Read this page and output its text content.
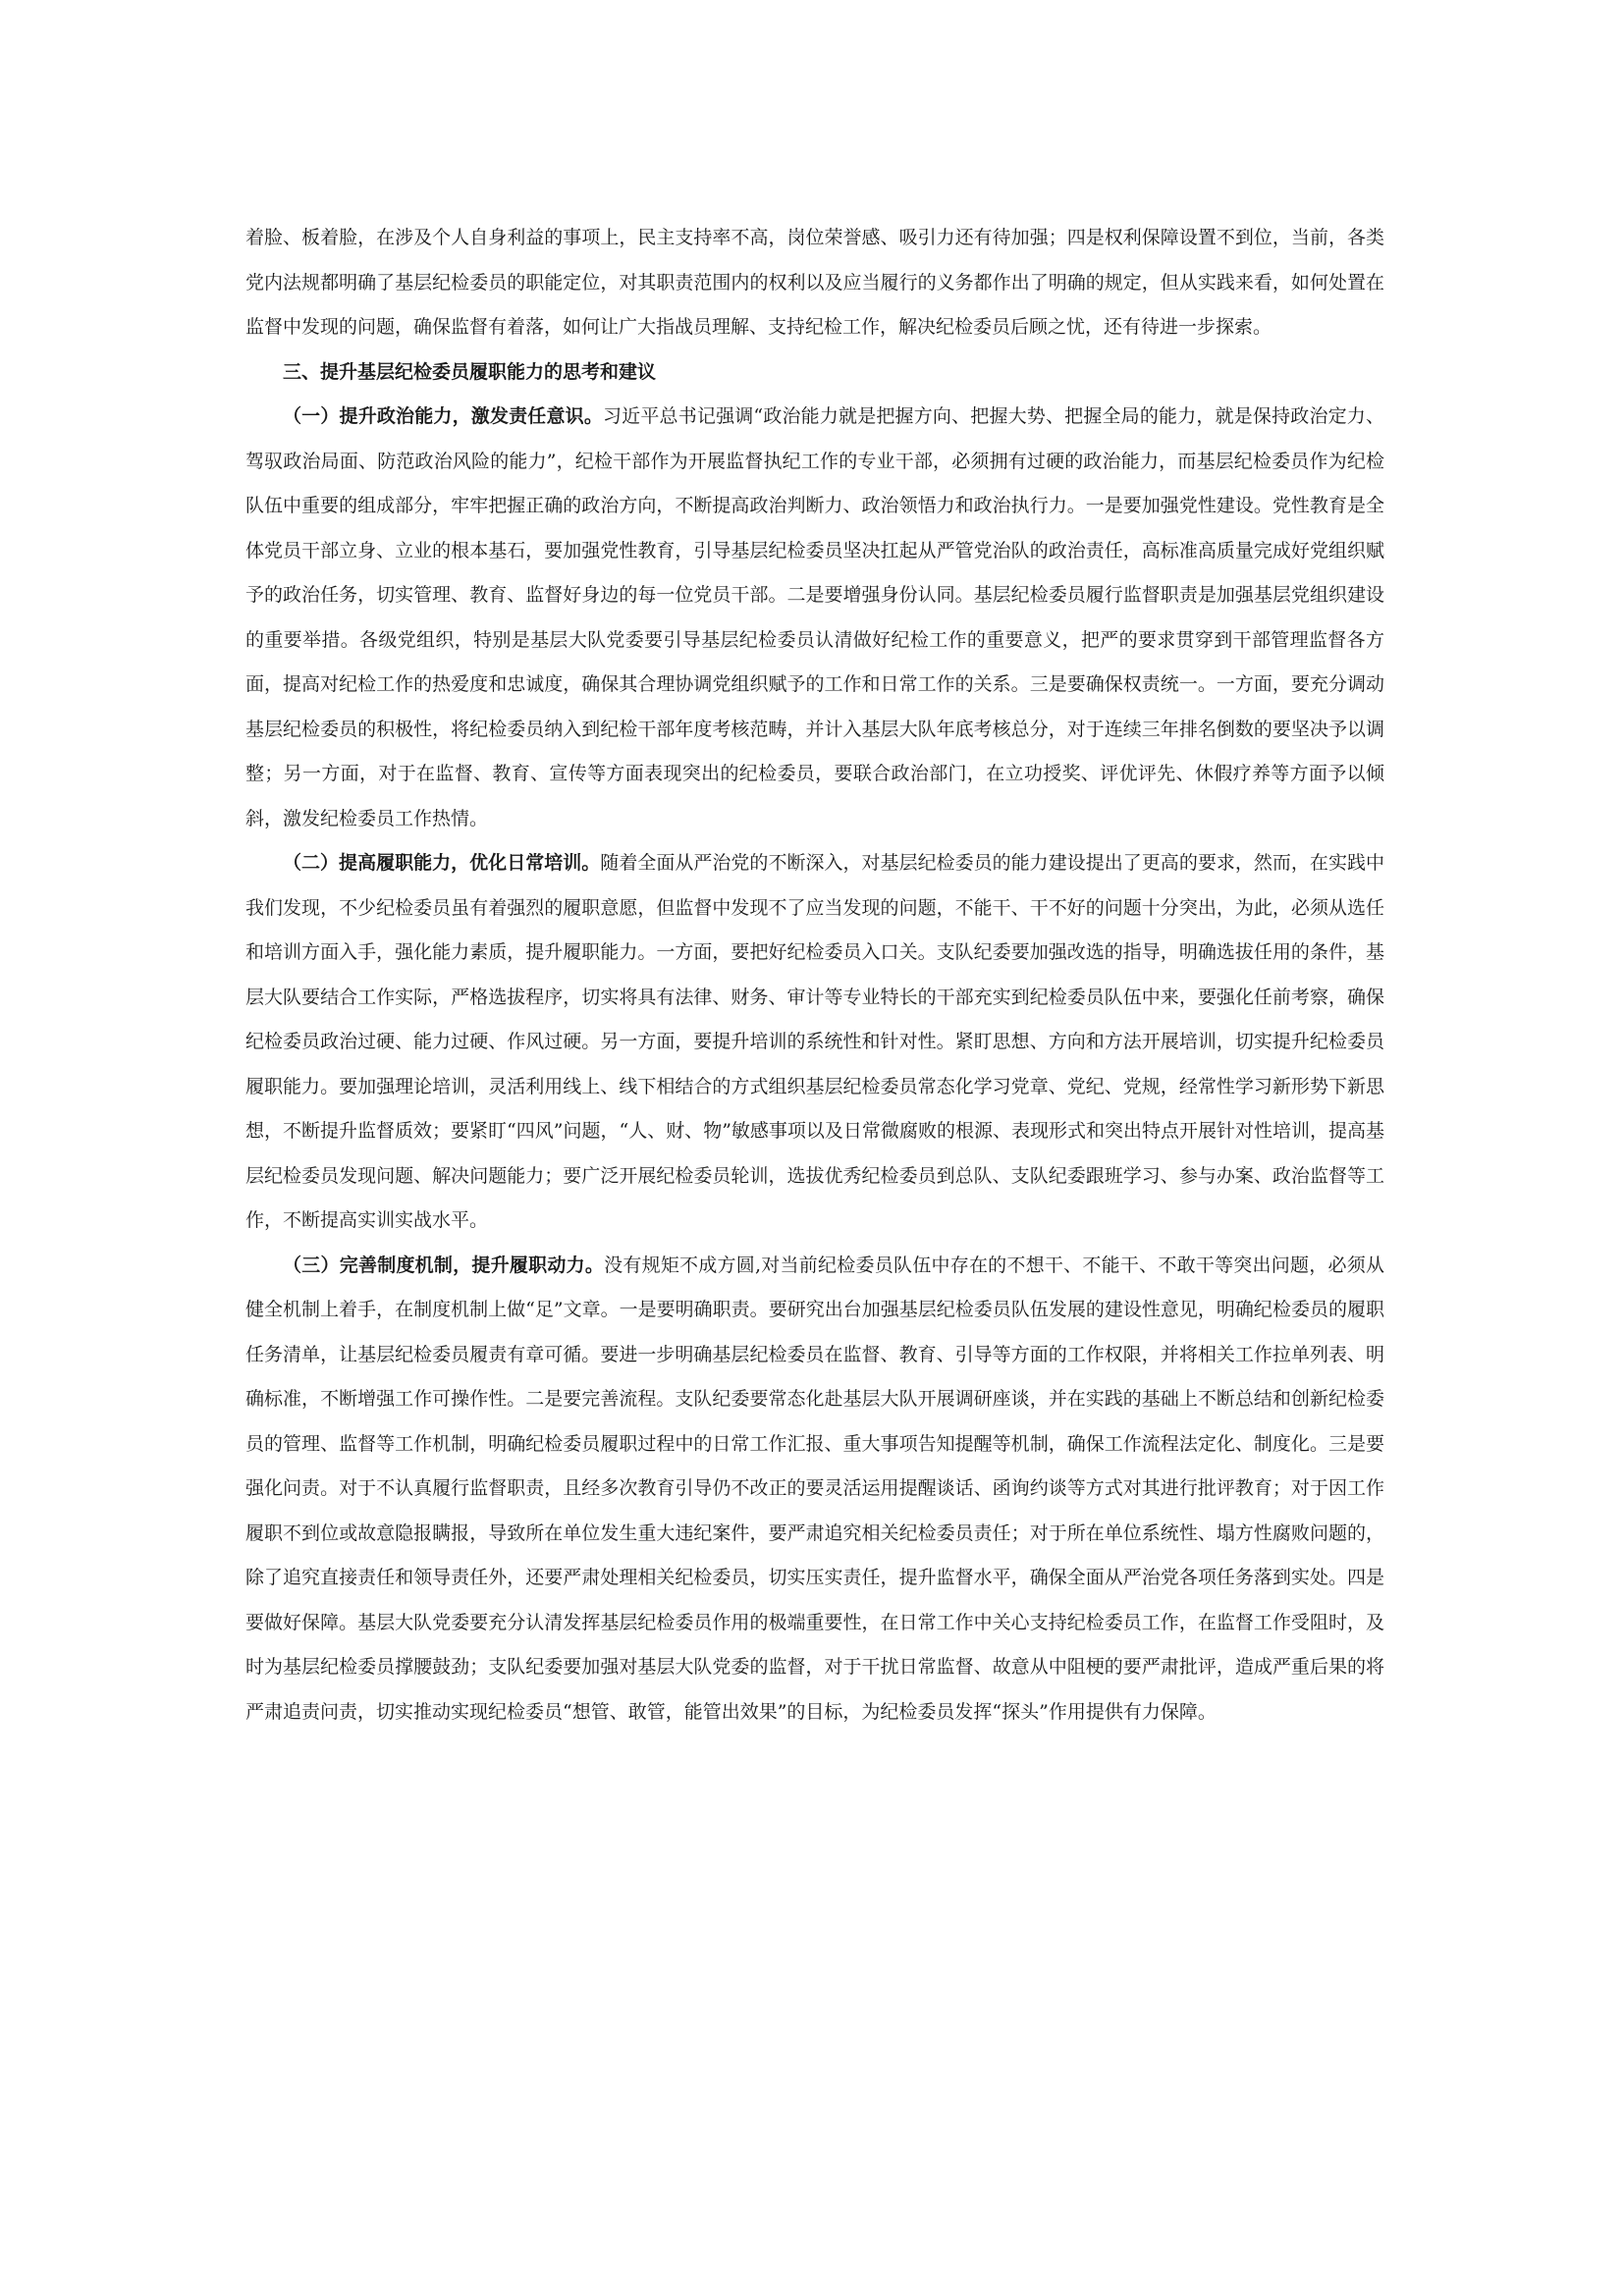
着脸、板着脸，在涉及个人自身利益的事项上，民主支持率不高，岗位荣誉感、吸引力还有待加强；四是权利保障设置不到位，当前，各类党内法规都明确了基层纪检委员的职能定位，对其职责范围内的权利以及应当履行的义务都作出了明确的规定，但从实践来看，如何处置在监督中发现的问题，确保监督有着落，如何让广大指战员理解、支持纪检工作，解决纪检委员后顾之忧，还有待进一步探索。

三、提升基层纪检委员履职能力的思考和建议

（一）提升政治能力，激发责任意识。习近平总书记强调“政治能力就是把握方向、把握大势、把握全局的能力，就是保持政治定力、驾驭政治局面、防范政治风险的能力”，纪检干部作为开展监督执纪工作的专业干部，必须拥有过硬的政治能力，而基层纪检委员作为纪检队伍中重要的组成部分，牢牢把握正确的政治方向，不断提高政治判断力、政治领悟力和政治执行力。一是要加强党性建设。党性教育是全体党员干部立身、立业的根本基石，要加强党性教育，引导基层纪检委员坚决扛起从严管党治队的政治责任，高标准高质量完成好党组织赋予的政治任务，切实管理、教育、监督好身边的每一位党员干部。二是要增强身份认同。基层纪检委员履行监督职责是加强基层党组织建设的重要举措。各级党组织，特别是基层大队党委要引导基层纪检委员认清做好纪检工作的重要意义，把严的要求贯穿到干部管理监督各方面，提高对纪检工作的热爱度和忠诚度，确保其合理协调党组织赋予的工作和日常工作的关系。三是要确保权责统一。一方面，要充分调动基层纪检委员的积极性，将纪检委员纳入到纪检干部年度考核范畴，并计入基层大队年底考核总分，对于连续三年排名倒数的要坚决予以调整；另一方面，对于在监督、教育、宣传等方面表现突出的纪检委员，要联合政治部门，在立功授奖、评优评先、休假疗养等方面予以倾斜，激发纪检委员工作热情。

（二）提高履职能力，优化日常培训。随着全面从严治党的不断深入，对基层纪检委员的能力建设提出了更高的要求，然而，在实践中我们发现，不少纪检委员虽有着强烈的履职意愿，但监督中发现不了应当发现的问题，不能干、干不好的问题十分突出，为此，必须从选任和培训方面入手，强化能力素质，提升履职能力。一方面，要把好纪检委员入口关。支队纪委要加强改选的指导，明确选拔任用的条件，基层大队要结合工作实际，严格选拔程序，切实将具有法律、财务、审计等专业特长的干部充实到纪检委员队伍中来，要强化任前考察，确保纪检委员政治过硬、能力过硬、作风过硬。另一方面，要提升培训的系统性和针对性。紧盯思想、方向和方法开展培训，切实提升纪检委员履职能力。要加强理论培训，灵活利用线上、线下相结合的方式组织基层纪检委员常态化学习党章、党纪、党规，经常性学习新形势下新思想，不断提升监督质效；要紧盯“四风”问题，“人、财、物”敏感事项以及日常微腐败的根源、表现形式和突出特点开展针对性培训，提高基层纪检委员发现问题、解决问题能力；要广泛开展纪检委员轮训，选拔优秀纪检委员到总队、支队纪委跟班学习、参与办案、政治监督等工作，不断提高实训实战水平。

（三）完善制度机制，提升履职动力。没有规矩不成方圆,对当前纪检委员队伍中存在的不想干、不能干、不敢干等突出问题，必须从健全机制上着手，在制度机制上做“足”文章。一是要明确职责。要研究出台加强基层纪检委员队伍发展的建设性意见，明确纪检委员的履职任务清单，让基层纪检委员履责有章可循。要进一步明确基层纪检委员在监督、教育、引导等方面的工作权限，并将相关工作拉单列表、明确标准，不断增强工作可操作性。二是要完善流程。支队纪委要常态化赴基层大队开展调研座谈，并在实践的基础上不断总结和创新纪检委员的管理、监督等工作机制，明确纪检委员履职过程中的日常工作汇报、重大事项告知提醒等机制，确保工作流程法定化、制度化。三是要强化问责。对于不认真履行监督职责，且经多次教育引导仍不改正的要灵活运用提醒谈话、函询约谈等方式对其进行批评教育；对于因工作履职不到位或故意隐报瞒报，导致所在单位发生重大违纪案件，要严肃追究相关纪检委员责任；对于所在单位系统性、塌方性腐败问题的，除了追究直接责任和领导责任外，还要严肃处理相关纪检委员，切实压实责任，提升监督水平，确保全面从严治党各项任务落到实处。四是要做好保障。基层大队党委要充分认清发挥基层纪检委员作用的极端重要性，在日常工作中关心支持纪检委员工作，在监督工作受阻时，及时为基层纪检委员撑腰鼓劲；支队纪委要加强对基层大队党委的监督，对于干扰日常监督、故意从中阻梗的要严肃批评，造成严重后果的将严肃追责问责，切实推动实现纪检委员“想管、敢管，能管出效果”的目标，为纪检委员发挥“探头”作用提供有力保障。
